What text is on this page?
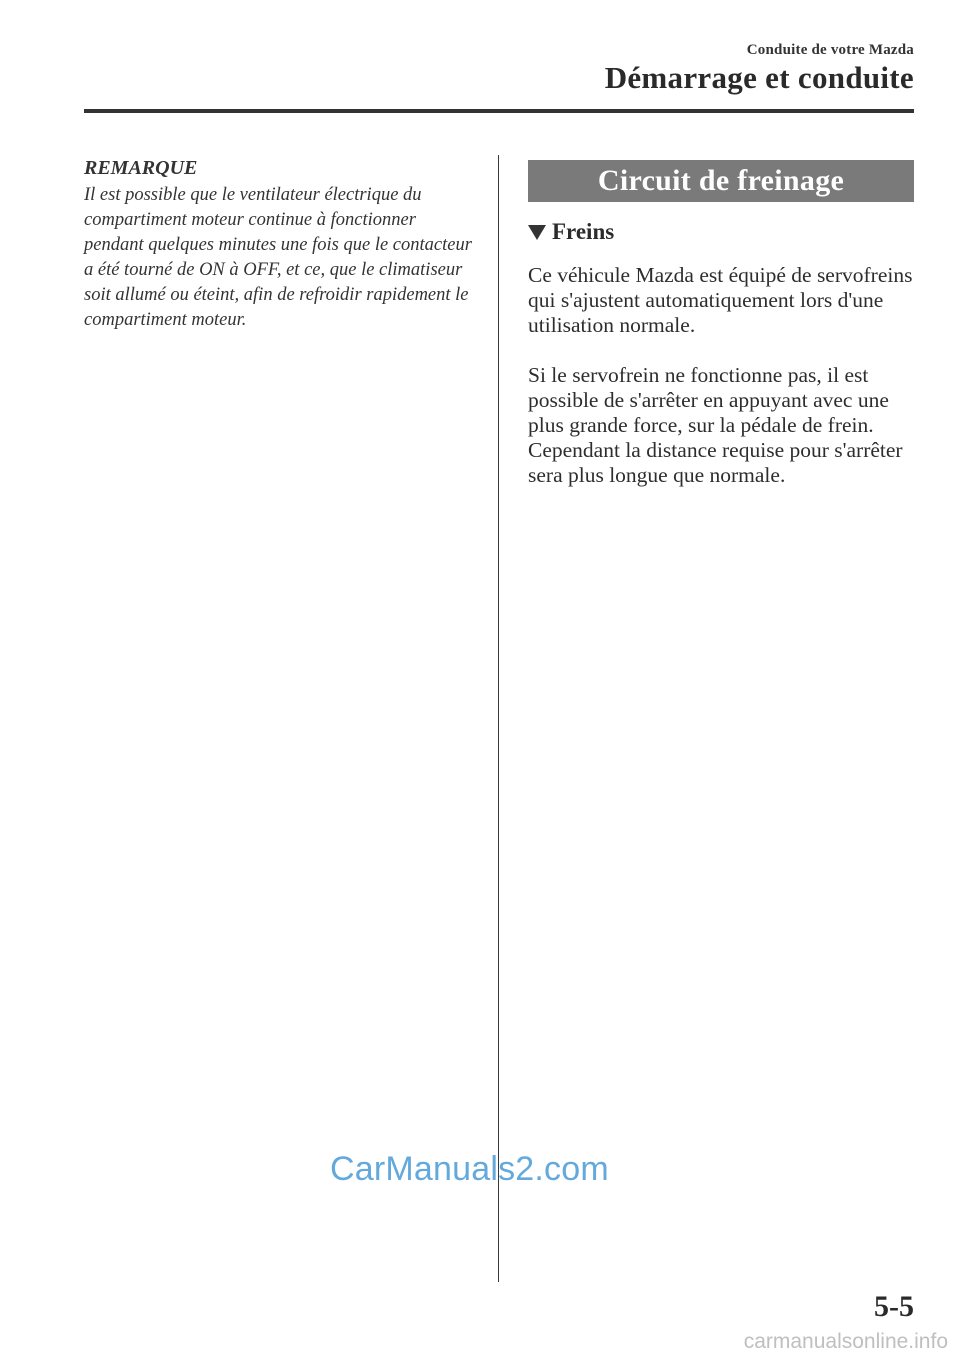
Conduite de votre Mazda
Démarrage et conduite

REMARQUE

Il est possible que le ventilateur électrique du compartiment moteur continue à fonctionner pendant quelques minutes une fois que le contacteur a été tourné de ON à OFF, et ce, que le climatiseur soit allumé ou éteint, afin de refroidir rapidement le compartiment moteur.

Circuit de freinage
Freins

Ce véhicule Mazda est équipé de servofreins qui s'ajustent automatiquement lors d'une utilisation normale.

Si le servofrein ne fonctionne pas, il est possible de s'arrêter en appuyant avec une plus grande force, sur la pédale de frein. Cependant la distance requise pour s'arrêter sera plus longue que normale.

CarManuals2.com
5-5
carmanualsonline.info
